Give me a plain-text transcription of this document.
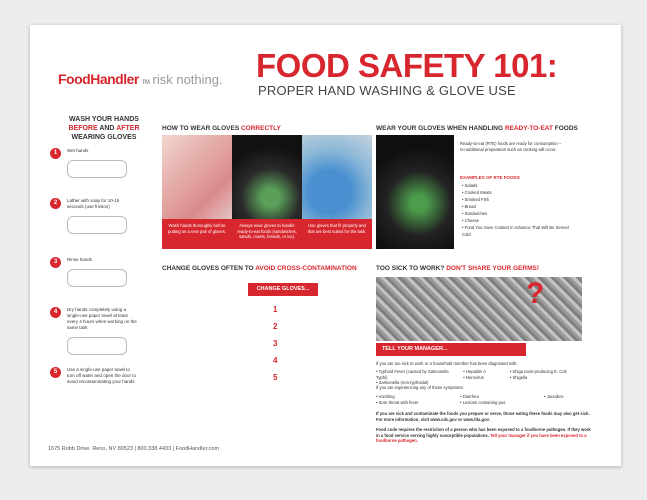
FoodHandler TM risk nothing. FOOD SAFETY 101:
PROPER HAND WASHING & GLOVE USE
WASH YOUR HANDS
BEFORE AND AFTER
WEARING GLOVES
1	Wet hands
2	Lather with soap for 10-15 seconds (use friction)
3	Rinse hands
4	Dry hands completely using a single-use paper towel at least every 4 hours when working on the same task
5	Use a single-use paper towel to turn off water and open the door to avoid recontaminating your hands
HOW TO WEAR GLOVES CORRECTLY
Wash hands thoroughly before putting on a new pair of gloves.
Always wear gloves to handle ready-to-eat foods (sandwiches, salads, roasts, breads, or ice).
Use gloves that fit properly and that are best suited for the task.
WEAR YOUR GLOVES WHEN HANDLING READY-TO-EAT FOODS
Ready-to-eat (RTE) foods are ready for consumption – no additional preparation such as cooking will occur.
EXAMPLES OF RTE FOODS
• Salads
• Cooked Meats
• Smoked Fish
• Bread
• Sandwiches
• Cheese
• Food You Have Cooked In Advance That Will Be Served Cold
CHANGE GLOVES OFTEN TO AVOID CROSS-CONTAMINATION
CHANGE GLOVES...
1
2
3
4
5
TOO SICK TO WORK? DON'T SHARE YOUR GERMS!
?
TELL YOUR MANAGER...
If you are too sick to work or a household member has been diagnosed with:
• Typhoid Fever (caused by Salmonella Typhi)
• Salmonella (non-typhoidal)
• Hepatitis A
• Norovirus
• Shiga toxin-producing E. Coli
• Shigella
If you are experiencing any of these symptoms:
• Vomiting
• Sore throat with fever
• Diarrhea
• Lesions containing pus
• Jaundice
If you are sick and contaminate the foods you prepare or serve, those eating these foods may also get sick. For more information, visit www.cdc.gov or www.fda.gov.
Food code requires the restriction of a person who has been exposed to a foodborne pathogen. If they work in a food service serving highly susceptible populations. Tell your manager if you have been exposed to a foodborne pathogen.
1675 Robb Drive. Reno, NV 89523 | 800.338.4433 | FoodHandler.com
